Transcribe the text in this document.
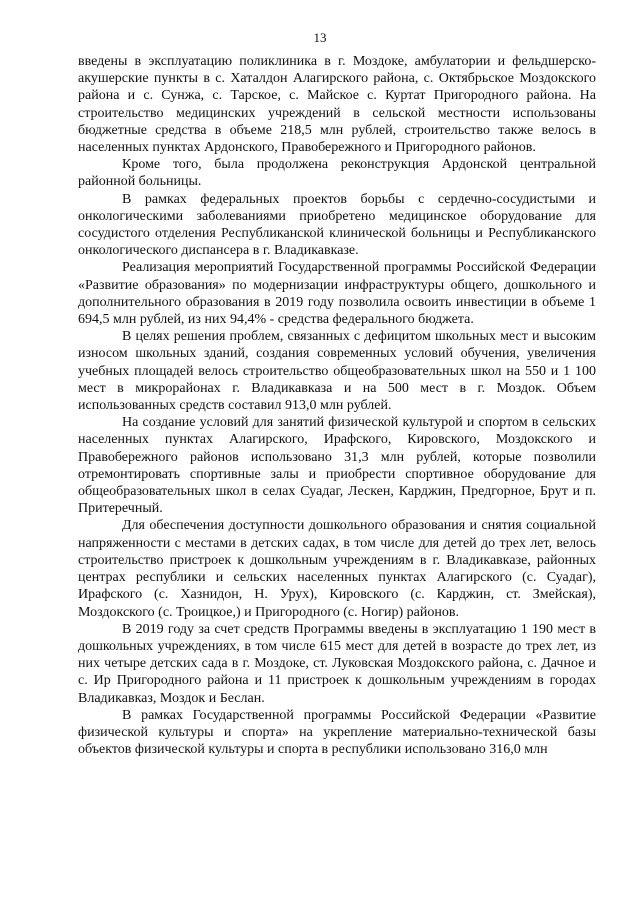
13

введены в эксплуатацию поликлиника в г. Моздоке, амбулатории и фельдшерско-акушерские пункты в с. Хаталдон Алагирского района, с. Октябрьское Моздокского района и с. Сунжа, с. Тарское, с. Майское с. Куртат Пригородного района. На строительство медицинских учреждений в сельской местности использованы бюджетные средства в объеме 218,5 млн рублей, строительство также велось в населенных пунктах Ардонского, Правобережного и Пригородного районов.

Кроме того, была продолжена реконструкция Ардонской центральной районной больницы.

В рамках федеральных проектов борьбы с сердечно-сосудистыми и онкологическими заболеваниями приобретено медицинское оборудование для сосудистого отделения Республиканской клинической больницы и Республиканского онкологического диспансера в г. Владикавказе.

Реализация мероприятий Государственной программы Российской Федерации «Развитие образования» по модернизации инфраструктуры общего, дошкольного и дополнительного образования в 2019 году позволила освоить инвестиции в объеме 1 694,5 млн рублей, из них 94,4% - средства федерального бюджета.

В целях решения проблем, связанных с дефицитом школьных мест и высоким износом школьных зданий, создания современных условий обучения, увеличения учебных площадей велось строительство общеобразовательных школ на 550 и 1 100 мест в микрорайонах г. Владикавказа и на 500 мест в г. Моздок. Объем использованных средств составил 913,0 млн рублей.

На создание условий для занятий физической культурой и спортом в сельских населенных пунктах Алагирского, Ирафского, Кировского, Моздокского и Правобережного районов использовано 31,3 млн рублей, которые позволили отремонтировать спортивные залы и приобрести спортивное оборудование для общеобразовательных школ в селах Суадаг, Лескен, Карджин, Предгорное, Брут и п. Притеречный.

Для обеспечения доступности дошкольного образования и снятия социальной напряженности с местами в детских садах, в том числе для детей до трех лет, велось строительство пристроек к дошкольным учреждениям в г. Владикавказе, районных центрах республики и сельских населенных пунктах Алагирского (с. Суадаг), Ирафского (с. Хазнидон, Н. Урух), Кировского (с. Карджин, ст. Змейская), Моздокского (с. Троицкое,) и Пригородного (с. Ногир) районов.

В 2019 году за счет средств Программы введены в эксплуатацию 1 190 мест в дошкольных учреждениях, в том числе 615 мест для детей в возрасте до трех лет, из них четыре детских сада в г. Моздоке, ст. Луковская Моздокского района, с. Дачное и с. Ир Пригородного района и 11 пристроек к дошкольным учреждениям в городах Владикавказ, Моздок и Беслан.

В рамках Государственной программы Российской Федерации «Развитие физической культуры и спорта» на укрепление материально-технической базы объектов физической культуры и спорта в республики использовано 316,0 млн
